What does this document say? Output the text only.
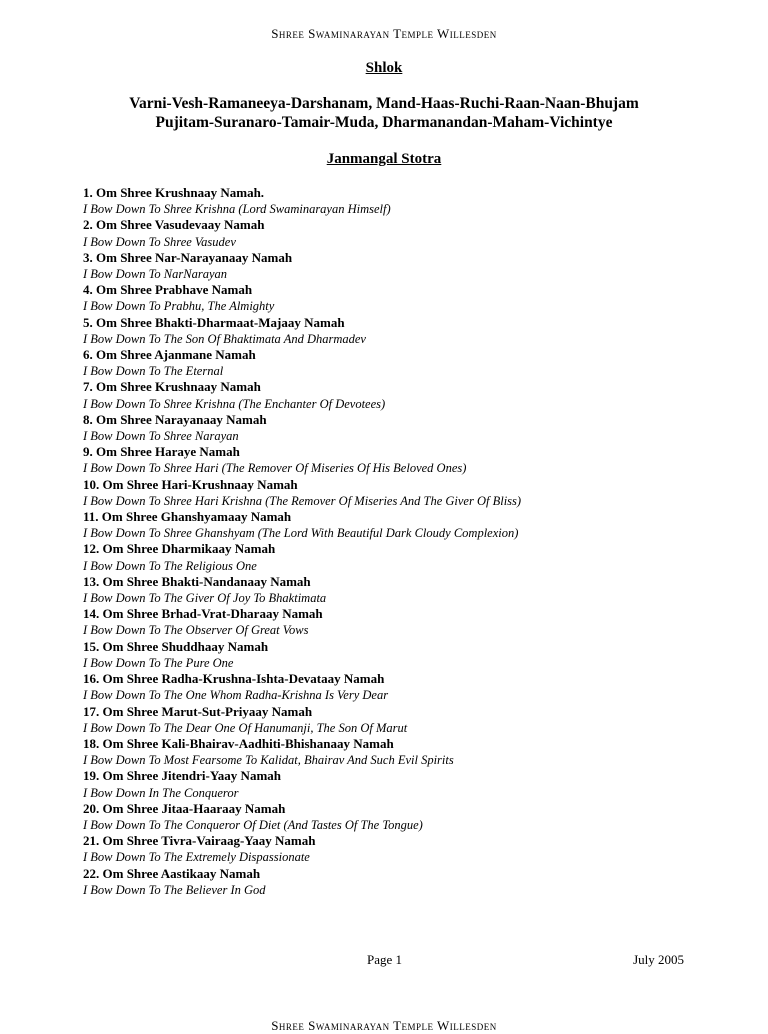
Shree Swaminarayan Temple Willesden
Shlok
Varni-Vesh-Ramaneeya-Darshanam, Mand-Haas-Ruchi-Raan-Naan-Bhujam
Pujitam-Suranaro-Tamair-Muda, Dharmanandan-Maham-Vichintye
Janmangal Stotra
1. Om Shree Krushnaay Namah.
I Bow Down To Shree Krishna (Lord Swaminarayan Himself)
2. Om Shree Vasudevaay Namah
I Bow Down To Shree Vasudev
3. Om Shree Nar-Narayanaay Namah
I Bow Down To NarNarayan
4. Om Shree Prabhave Namah
I Bow Down To Prabhu, The Almighty
5. Om Shree Bhakti-Dharmaat-Majaay Namah
I Bow Down To The Son Of Bhaktimata And Dharmadev
6. Om Shree Ajanmane Namah
I Bow Down To The Eternal
7. Om Shree Krushnaay Namah
I Bow Down To Shree Krishna (The Enchanter Of Devotees)
8. Om Shree Narayanaay Namah
I Bow Down To Shree Narayan
9. Om Shree Haraye Namah
I Bow Down To Shree Hari (The Remover Of Miseries Of His Beloved Ones)
10. Om Shree Hari-Krushnaay Namah
I Bow Down To Shree Hari Krishna (The Remover Of Miseries And The Giver Of Bliss)
11. Om Shree Ghanshyamaay Namah
I Bow Down To Shree Ghanshyam (The Lord With Beautiful Dark Cloudy Complexion)
12. Om Shree Dharmikaay Namah
I Bow Down To The Religious One
13. Om Shree Bhakti-Nandanaay Namah
I Bow Down To The Giver Of Joy To Bhaktimata
14. Om Shree Brhad-Vrat-Dharaay Namah
I Bow Down To The Observer Of Great Vows
15. Om Shree Shuddhaay Namah
I Bow Down To The Pure One
16. Om Shree Radha-Krushna-Ishta-Devataay Namah
I Bow Down To The One Whom Radha-Krishna Is Very Dear
17. Om Shree Marut-Sut-Priyaay Namah
I Bow Down To The Dear One Of Hanumanji, The Son Of Marut
18. Om Shree Kali-Bhairav-Aadhiti-Bhishanaay Namah
I Bow Down To Most Fearsome To Kalidat, Bhairav And Such Evil Spirits
19. Om Shree Jitendri-Yaay Namah
I Bow Down In The Conqueror
20. Om Shree Jitaa-Haaraay Namah
I Bow Down To The Conqueror Of Diet (And Tastes Of The Tongue)
21. Om Shree Tivra-Vairaag-Yaay Namah
I Bow Down To The Extremely Dispassionate
22. Om Shree Aastikaay Namah
I Bow Down To The Believer In God
Page 1	July 2005
Shree Swaminarayan Temple Willesden
